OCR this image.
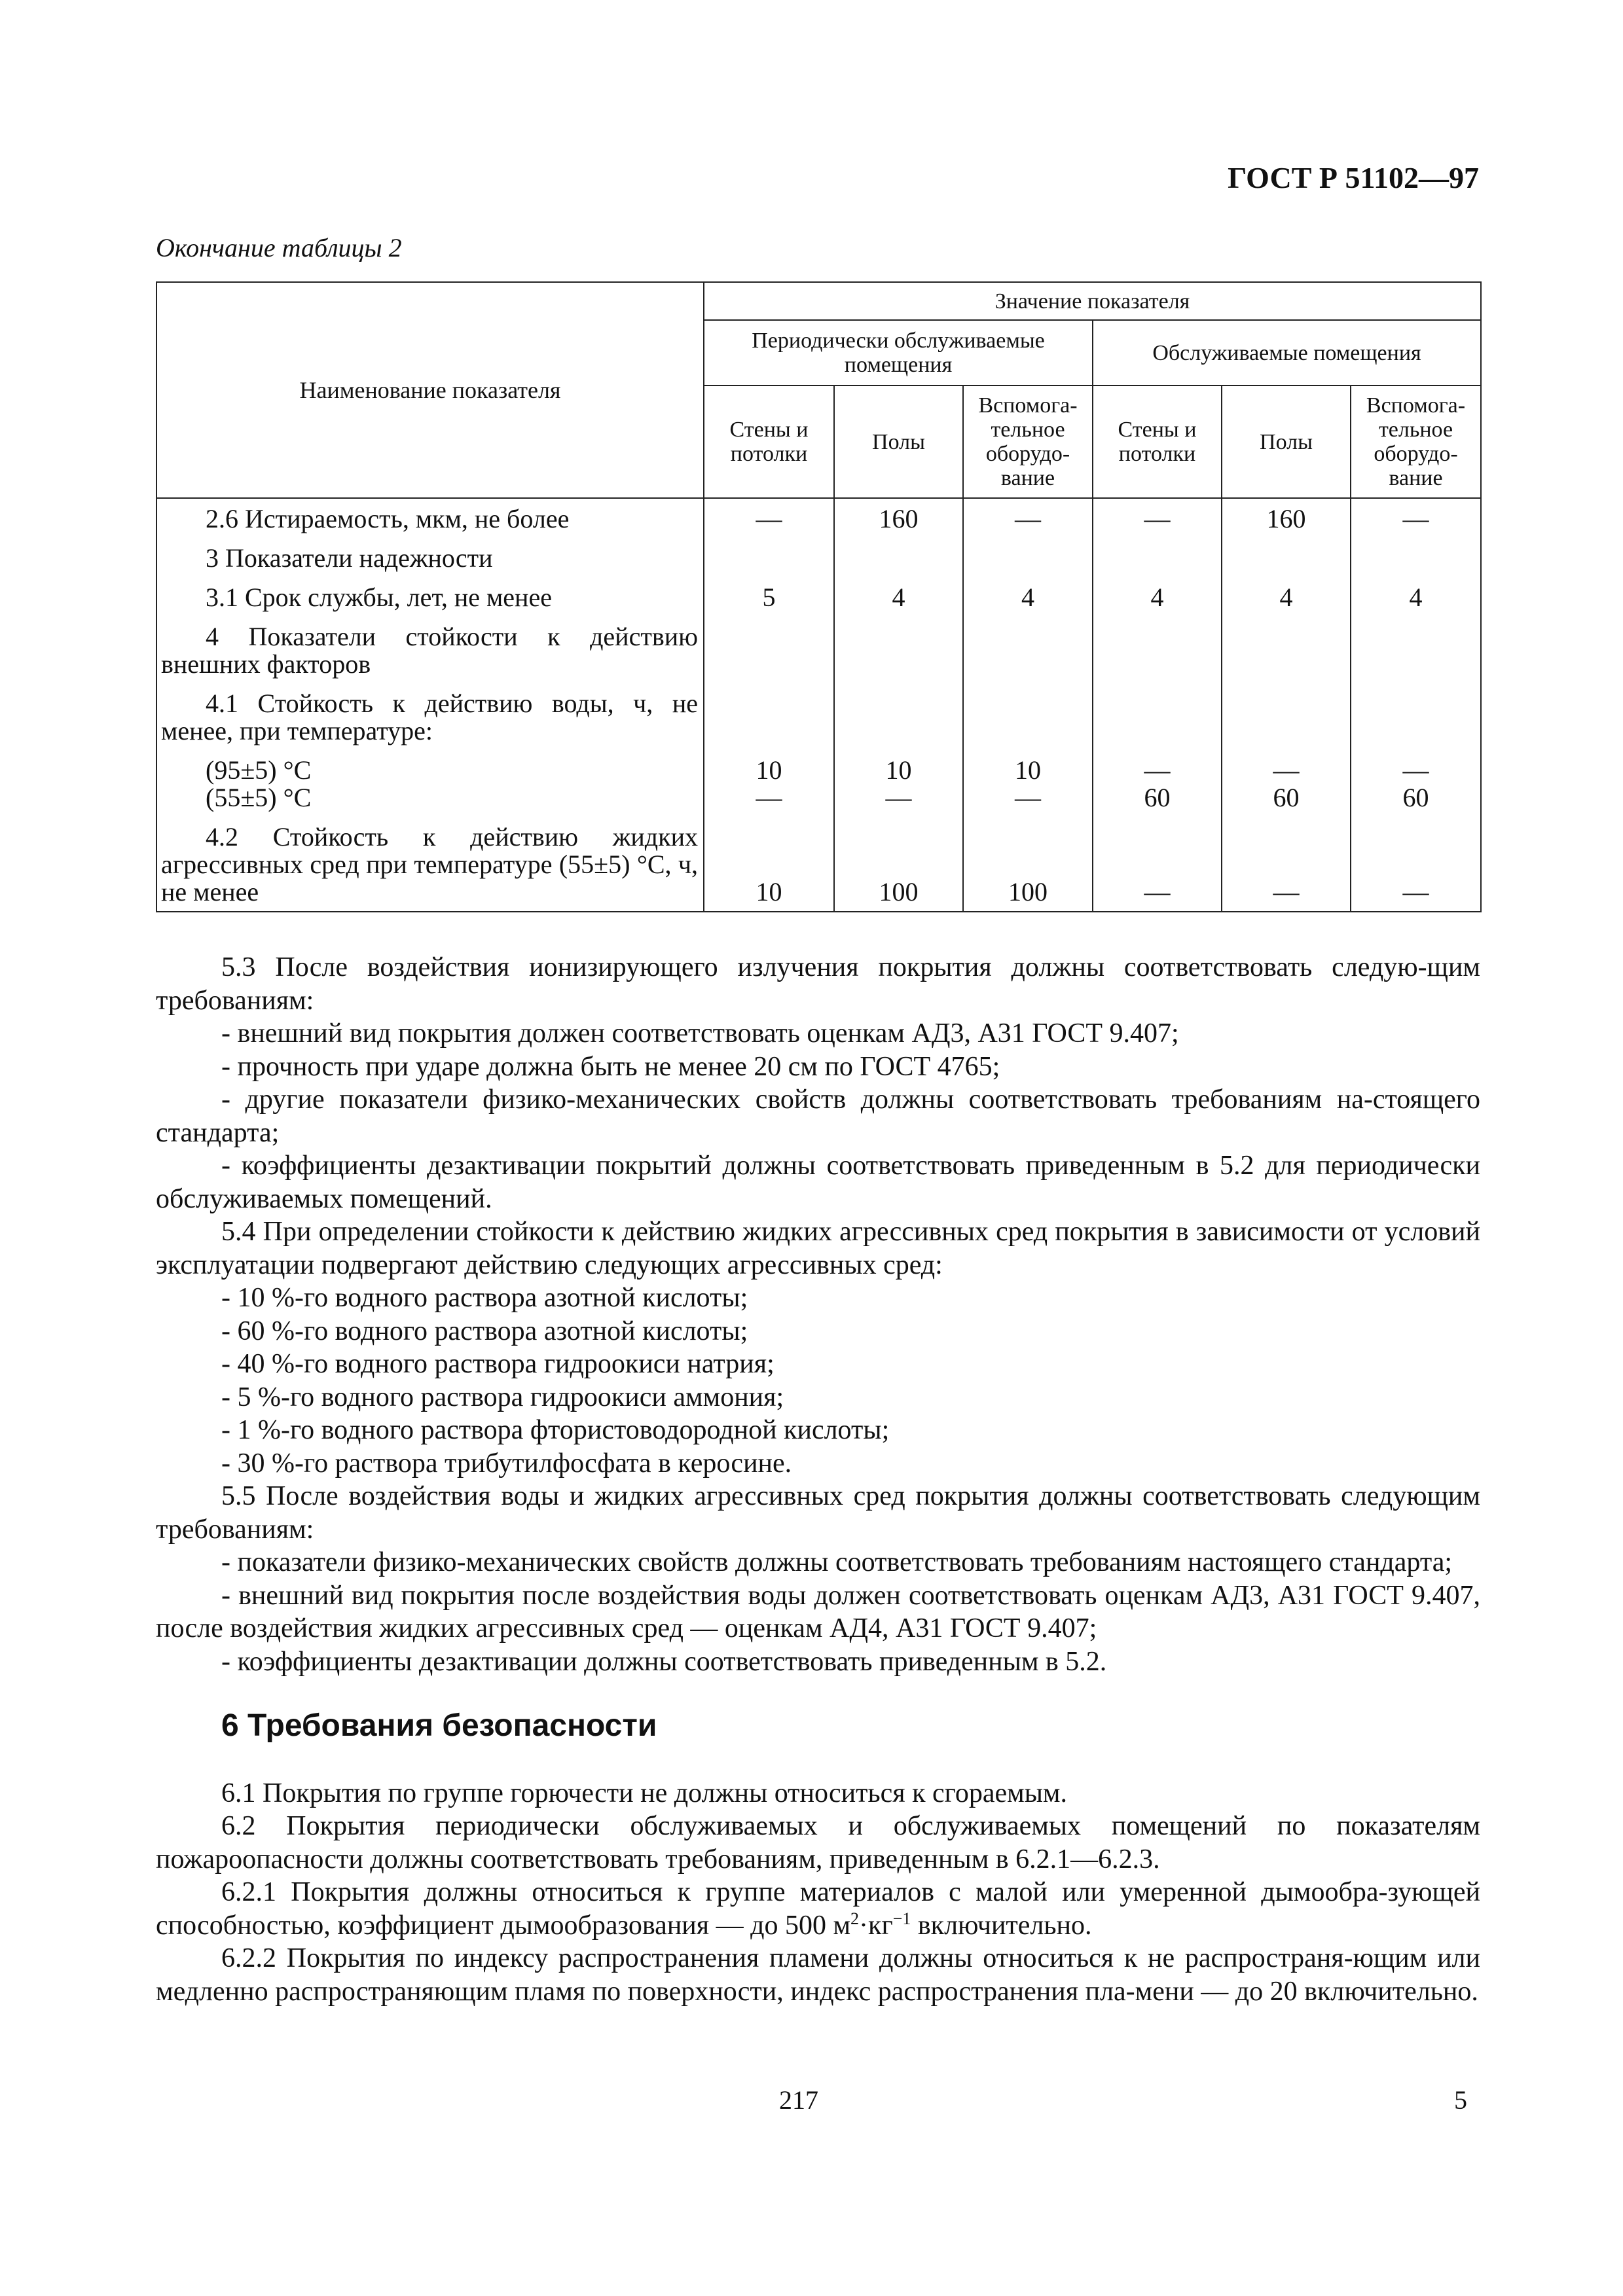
ГОСТ Р 51102—97
Окончание таблицы 2
Наименование показателя	Значение показателя					
	Периодически обслуживаемые помещения			Обслуживаемые помещения		
	Стены и потолки	Полы	Вспомога-тельное оборудо-вание	Стены и потолки	Полы	Вспомога-тельное оборудо-вание

2.6 Истираемость, мкм, не более	—	160	—	—	160	—

3 Показатели надежности						

3.1 Срок службы, лет, не менее	5	4	4	4	4	4

4 Показатели стойкости к действию внешних факторов						

4.1 Стойкость к действию воды, ч, не менее, при температуре:						

(95±5) °С	10	10	10	—	—	—

(55±5) °С	—	—	—	60	60	60

4.2 Стойкость к действию жидких агрессивных сред при температуре (55±5) °С, ч, не менее	10	100	100	—	—	—

5.3 После воздействия ионизирующего излучения покрытия должны соответствовать следую-щим требованиям:

- внешний вид покрытия должен соответствовать оценкам АД3, А31 ГОСТ 9.407;

- прочность при ударе должна быть не менее 20 см по ГОСТ 4765;

- другие показатели физико-механических свойств должны соответствовать требованиям на-стоящего стандарта;

- коэффициенты дезактивации покрытий должны соответствовать приведенным в 5.2 для периодически обслуживаемых помещений.

5.4 При определении стойкости к действию жидких агрессивных сред покрытия в зависимости от условий эксплуатации подвергают действию следующих агрессивных сред:

- 10 %-го водного раствора азотной кислоты;

- 60 %-го водного раствора азотной кислоты;

- 40 %-го водного раствора гидроокиси натрия;

- 5 %-го водного раствора гидроокиси аммония;

- 1 %-го водного раствора фтористоводородной кислоты;

- 30 %-го раствора трибутилфосфата в керосине.

5.5 После воздействия воды и жидких агрессивных сред покрытия должны соответствовать следующим требованиям:

- показатели физико-механических свойств должны соответствовать требованиям настоящего стандарта;

- внешний вид покрытия после воздействия воды должен соответствовать оценкам АД3, А31 ГОСТ 9.407, после воздействия жидких агрессивных сред — оценкам АД4, А31 ГОСТ 9.407;

- коэффициенты дезактивации должны соответствовать приведенным в 5.2.

6 Требования безопасности

6.1 Покрытия по группе горючести не должны относиться к сгораемым.

6.2 Покрытия периодически обслуживаемых и обслуживаемых помещений по показателям пожароопасности должны соответствовать требованиям, приведенным в 6.2.1—6.2.3.

6.2.1 Покрытия должны относиться к группе материалов с малой или умеренной дымообра-зующей способностью, коэффициент дымообразования — до 500 $м^2\cdot кг^{-1}$ включительно.

6.2.2 Покрытия по индексу распространения пламени должны относиться к не распространя-ющим или медленно распространяющим пламя по поверхности, индекс распространения пла-мени — до 20 включительно.

217	5
